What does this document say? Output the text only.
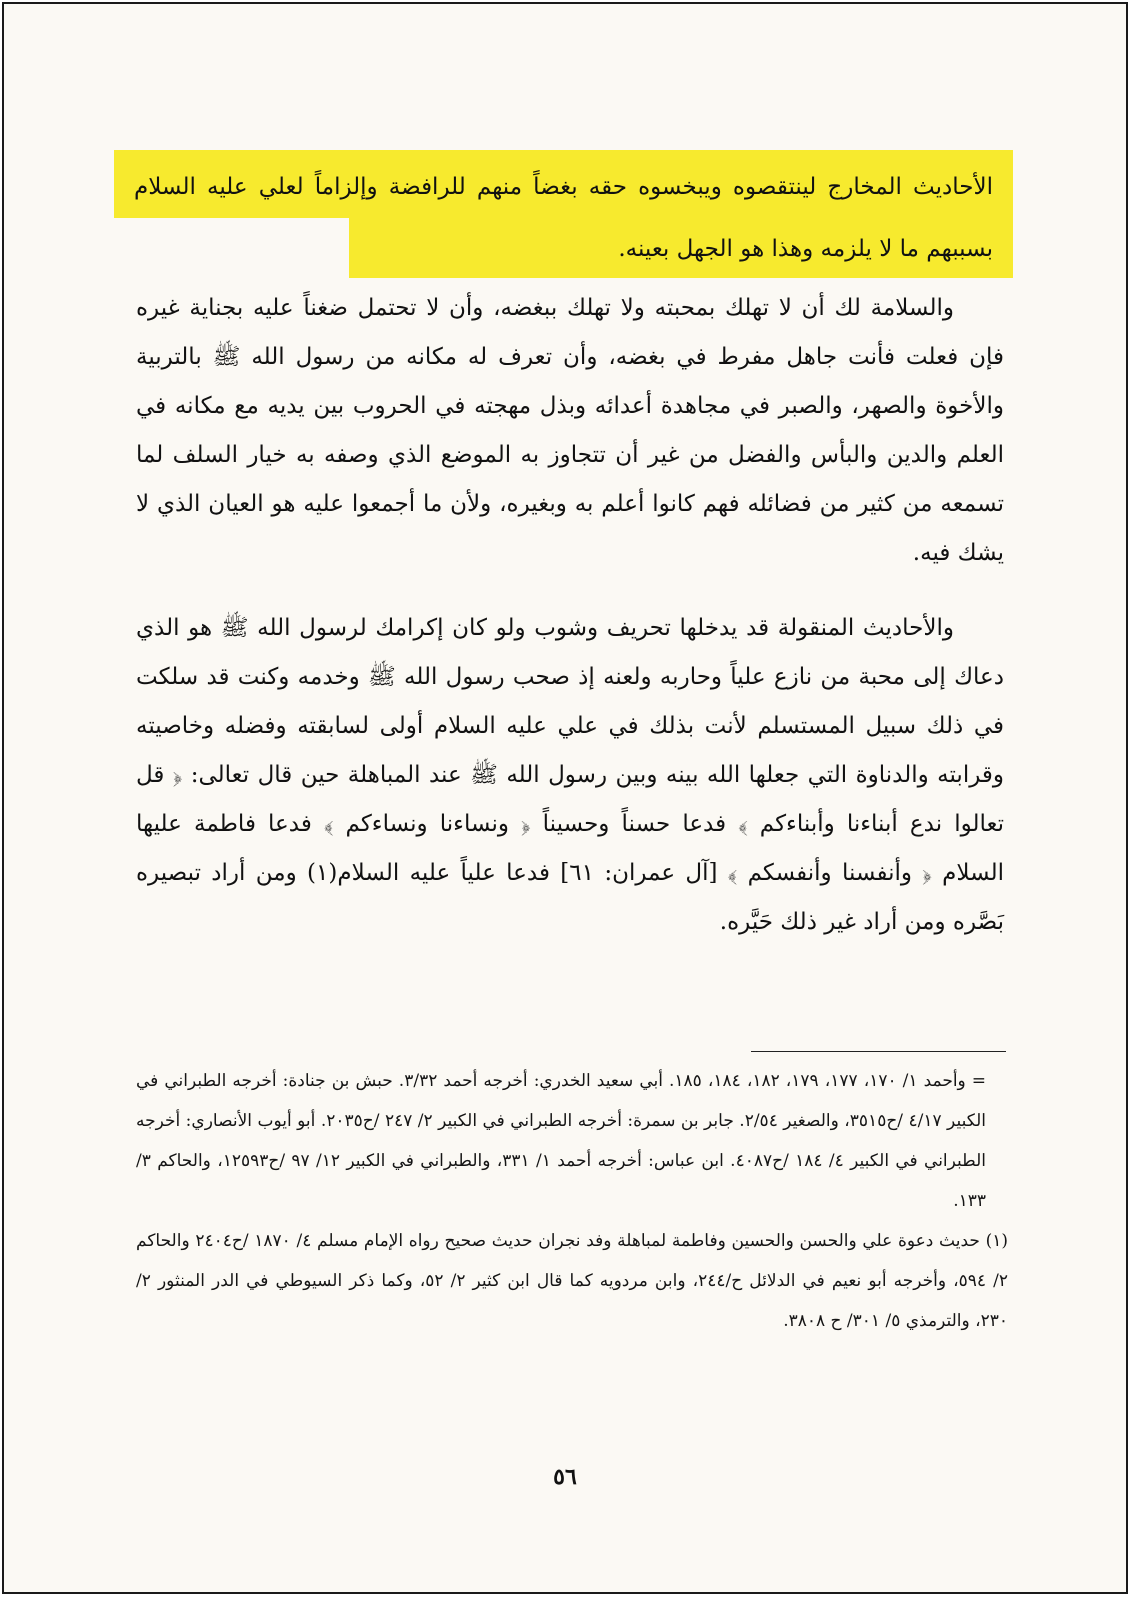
الأحاديث المخارج لينتقصوه ويبخسوه حقه بغضاً منهم للرافضة وإلزاماً لعلي عليه السلام بسببهم ما لا يلزمه وهذا هو الجهل بعينه.

والسلامة لك أن لا تهلك بمحبته ولا تهلك ببغضه، وأن لا تحتمل ضغناً عليه بجناية غيره فإن فعلت فأنت جاهل مفرط في بغضه، وأن تعرف له مكانه من رسول الله ﷺ بالتربية والأخوة والصهر، والصبر في مجاهدة أعدائه وبذل مهجته في الحروب بين يديه مع مكانه في العلم والدين والبأس والفضل من غير أن تتجاوز به الموضع الذي وصفه به خيار السلف لما تسمعه من كثير من فضائله فهم كانوا أعلم به وبغيره، ولأن ما أجمعوا عليه هو العيان الذي لا يشك فيه.

والأحاديث المنقولة قد يدخلها تحريف وشوب ولو كان إكرامك لرسول الله ﷺ هو الذي دعاك إلى محبة من نازع علياً وحاربه ولعنه إذ صحب رسول الله ﷺ وخدمه وكنت قد سلكت في ذلك سبيل المستسلم لأنت بذلك في علي عليه السلام أولى لسابقته وفضله وخاصيته وقرابته والدناوة التي جعلها الله بينه وبين رسول الله ﷺ عند المباهلة حين قال تعالى: ﴿ قل تعالوا ندع أبناءنا وأبناءكم ﴾ فدعا حسناً وحسيناً ﴿ ونساءنا ونساءكم ﴾ فدعا فاطمة عليها السلام ﴿ وأنفسنا وأنفسكم ﴾ [آل عمران: ٦١] فدعا علياً عليه السلام(١) ومن أراد تبصيره بَصَّره ومن أراد غير ذلك حَيَّره.

= وأحمد ١/ ١٧٠، ١٧٧، ١٧٩، ١٨٢، ١٨٤، ١٨٥. أبي سعيد الخدري: أخرجه أحمد ٣/٣٢. حبش بن جنادة: أخرجه الطبراني في الكبير ٤/١٧ /ح٣٥١٥، والصغير ٢/٥٤. جابر بن سمرة: أخرجه الطبراني في الكبير ٢/ ٢٤٧ /ح٢٠٣٥. أبو أيوب الأنصاري: أخرجه الطبراني في الكبير ٤/ ١٨٤ /ح٤٠٨٧. ابن عباس: أخرجه أحمد ١/ ٣٣١، والطبراني في الكبير ١٢/ ٩٧ /ح١٢٥٩٣، والحاكم ٣/ ١٣٣.

(١) حديث دعوة علي والحسن والحسين وفاطمة لمباهلة وفد نجران حديث صحيح رواه الإمام مسلم ٤/ ١٨٧٠ /ح٢٤٠٤ والحاكم ٢/ ٥٩٤، وأخرجه أبو نعيم في الدلائل ح/٢٤٤، وابن مردويه كما قال ابن كثير ٢/ ٥٢، وكما ذكر السيوطي في الدر المنثور ٢/ ٢٣٠، والترمذي ٥/ ٣٠١/ ح ٣٨٠٨.

٥٦
